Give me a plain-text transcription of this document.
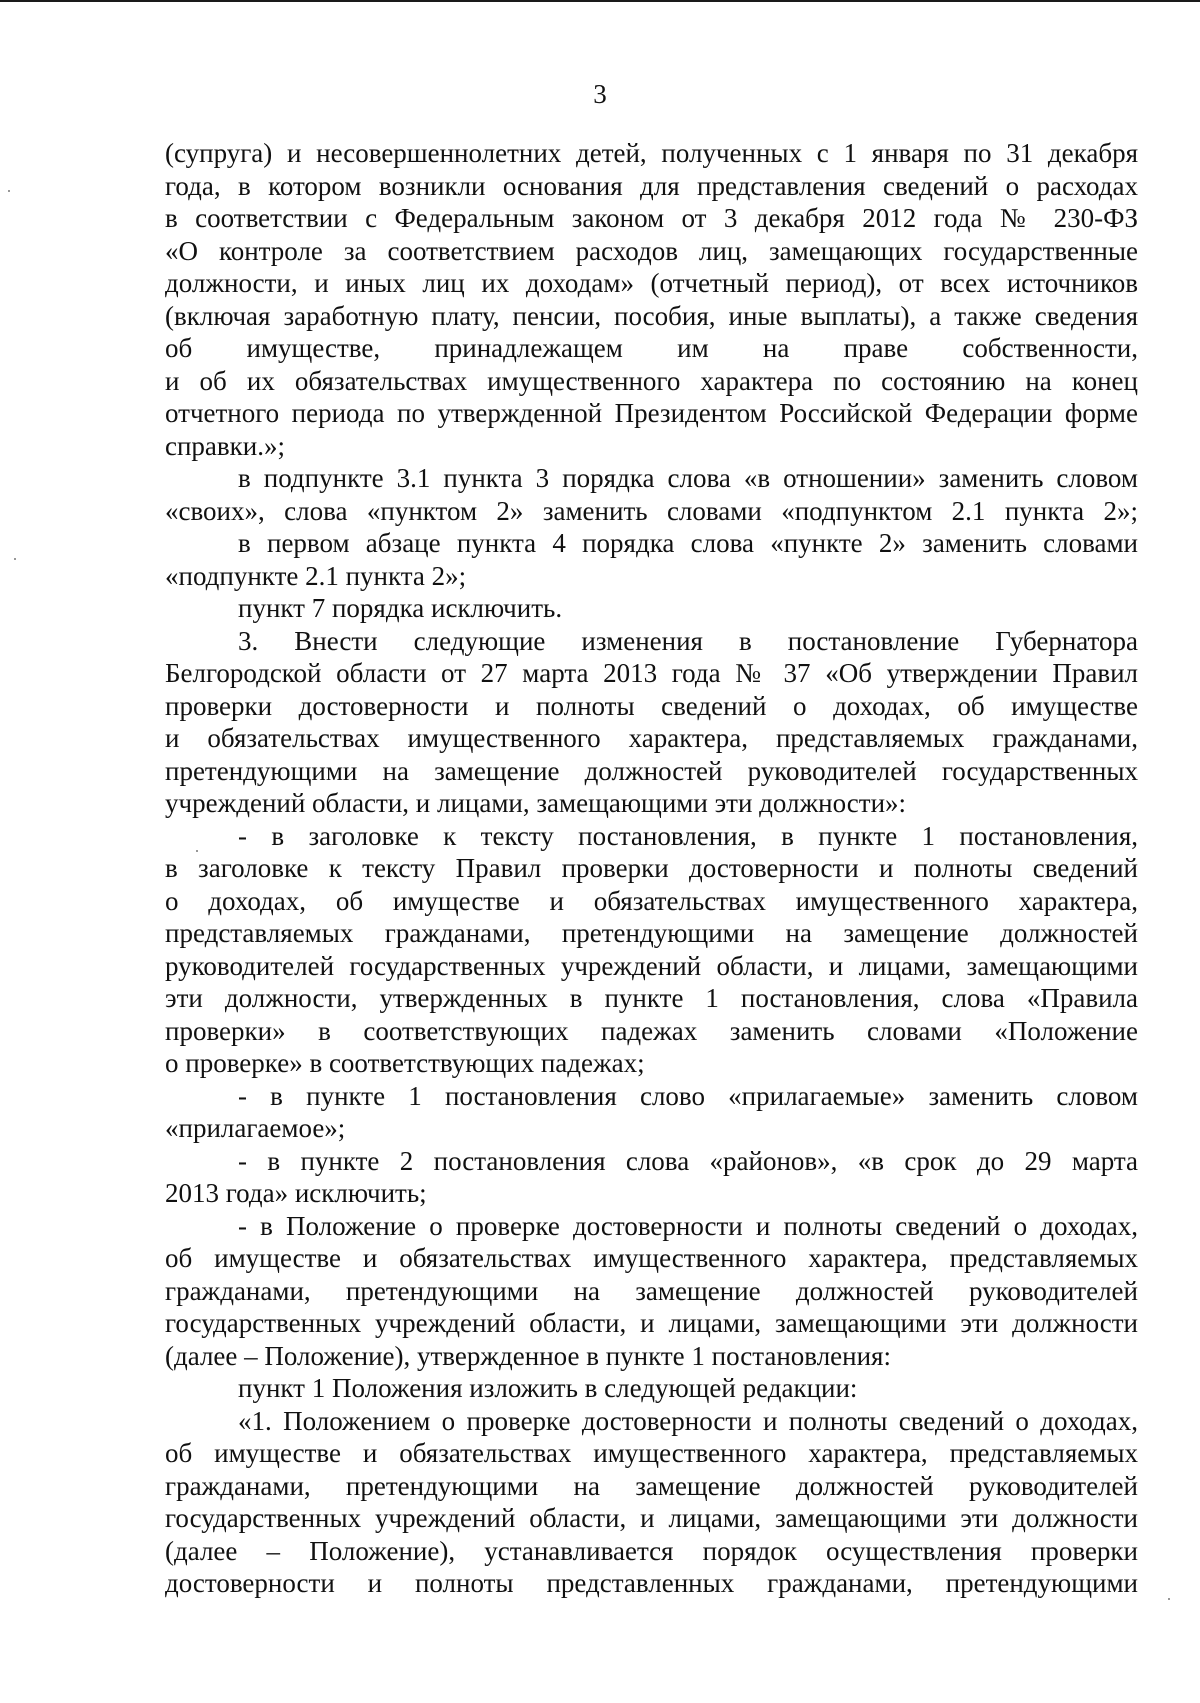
3
(супруга) и несовершеннолетних детей, полученных с 1 января по 31 декабря
года, в котором возникли основания для представления сведений о расходах
в соответствии с Федеральным законом от 3 декабря 2012 года № 230-ФЗ
«О контроле за соответствием расходов лиц, замещающих государственные
должности, и иных лиц их доходам» (отчетный период), от всех источников
(включая заработную плату, пенсии, пособия, иные выплаты), а также сведения
об имуществе, принадлежащем им на праве собственности,
и об их обязательствах имущественного характера по состоянию на конец
отчетного периода по утвержденной Президентом Российской Федерации форме
справки.»;
в подпункте 3.1 пункта 3 порядка слова «в отношении» заменить словом
«своих», слова «пунктом 2» заменить словами «подпунктом 2.1 пункта 2»;
в первом абзаце пункта 4 порядка слова «пункте 2» заменить словами
«подпункте 2.1 пункта 2»;
пункт 7 порядка исключить.
3. Внести следующие изменения в постановление Губернатора
Белгородской области от 27 марта 2013 года № 37 «Об утверждении Правил
проверки достоверности и полноты сведений о доходах, об имуществе
и обязательствах имущественного характера, представляемых гражданами,
претендующими на замещение должностей руководителей государственных
учреждений области, и лицами, замещающими эти должности»:
- в заголовке к тексту постановления, в пункте 1 постановления,
в заголовке к тексту Правил проверки достоверности и полноты сведений
о доходах, об имуществе и обязательствах имущественного характера,
представляемых гражданами, претендующими на замещение должностей
руководителей государственных учреждений области, и лицами, замещающими
эти должности, утвержденных в пункте 1 постановления, слова «Правила
проверки» в соответствующих падежах заменить словами «Положение
о проверке» в соответствующих падежах;
- в пункте 1 постановления слово «прилагаемые» заменить словом
«прилагаемое»;
- в пункте 2 постановления слова «районов», «в срок до 29 марта
2013 года» исключить;
- в Положение о проверке достоверности и полноты сведений о доходах,
об имуществе и обязательствах имущественного характера, представляемых
гражданами, претендующими на замещение должностей руководителей
государственных учреждений области, и лицами, замещающими эти должности
(далее – Положение), утвержденное в пункте 1 постановления:
пункт 1 Положения изложить в следующей редакции:
«1. Положением о проверке достоверности и полноты сведений о доходах,
об имуществе и обязательствах имущественного характера, представляемых
гражданами, претендующими на замещение должностей руководителей
государственных учреждений области, и лицами, замещающими эти должности
(далее – Положение), устанавливается порядок осуществления проверки
достоверности и полноты представленных гражданами, претендующими
